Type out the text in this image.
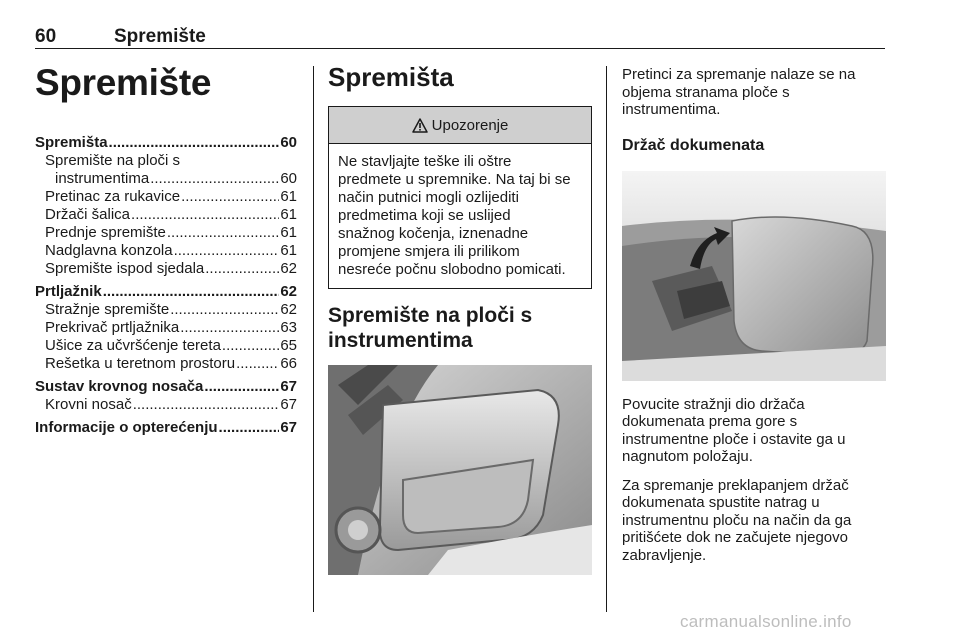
60	Spremište
Spremište
Spremišta .....	60
Spremište na ploči s
instrumentima .....	60
Pretinac za rukavice .....	61
Držači šalica .....	61
Prednje spremište .....	61
Nadglavna konzola .....	61
Spremište ispod sjedala .....	62
Prtljažnik .....	62
Stražnje spremište .....	62
Prekrivač prtljažnika .....	63
Ušice za učvršćenje tereta .....	65
Rešetka u teretnom prostoru .....	66
Sustav krovnog nosača .....	67
Krovni nosač .....	67
Informacije o opterećenju .....	67
Spremišta
Upozorenje
Ne stavljajte teške ili oštre
predmete u spremnike. Na taj bi se
način putnici mogli ozlijediti
predmetima koji se uslijed
snažnog kočenja, iznenadne
promjene smjera ili prilikom
nesreće počnu slobodno pomicati.
Spremište na ploči s
instrumentima
Pretinci za spremanje nalaze se na
objema stranama ploče s
instrumentima.
Držač dokumenata
Povucite stražnji dio držača
dokumenata prema gore s
instrumentne ploče i ostavite ga u
nagnutom položaju.
Za spremanje preklapanjem držač
dokumenata spustite natrag u
instrumentnu ploču na način da ga
pritišćete dok ne začujete njegovo
zabravljenje.
carmanualsonline.info
